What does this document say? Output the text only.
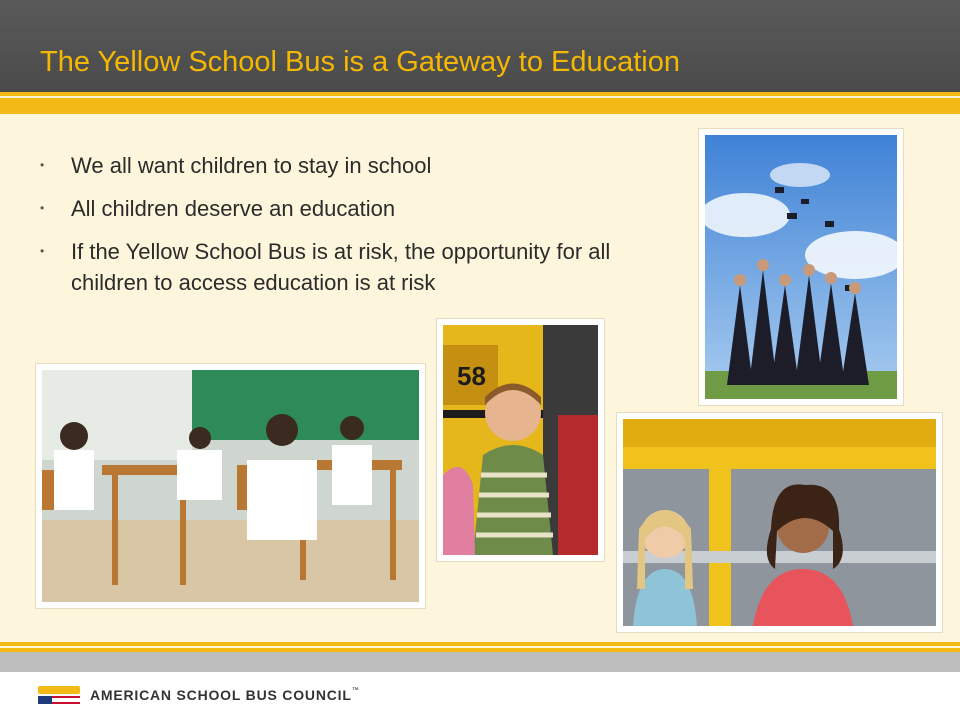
The Yellow School Bus is a Gateway to Education
• We all want children to stay in school
• All children deserve an education
• If the Yellow School Bus is at risk, the opportunity for all children to access education is at risk
58
AMERICAN SCHOOL BUS COUNCIL™
